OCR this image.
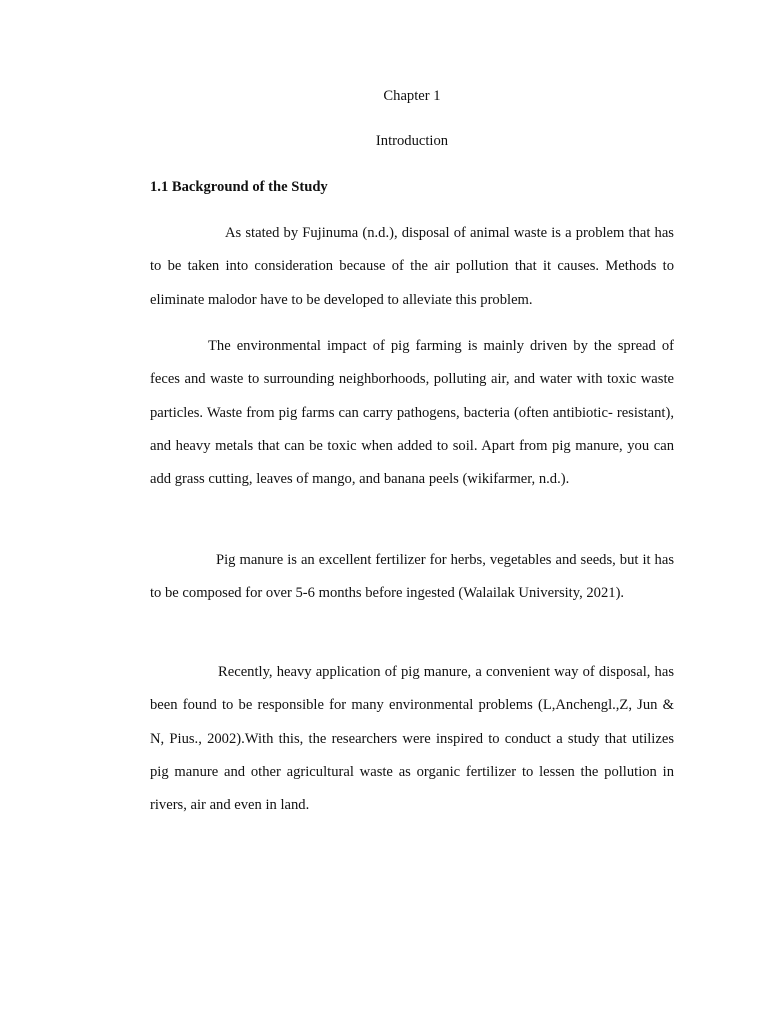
Chapter 1

Introduction

1.1 Background of the Study

As stated by Fujinuma (n.d.), disposal of animal waste is a problem that has to be taken into consideration because of the air pollution that it causes. Methods to eliminate malodor have to be developed to alleviate this problem.

The environmental impact of pig farming is mainly driven by the spread of feces and waste to surrounding neighborhoods, polluting air, and water with toxic waste particles. Waste from pig farms can carry pathogens, bacteria (often antibiotic- resistant), and heavy metals that can be toxic when added to soil. Apart from pig manure, you can add grass cutting, leaves of mango, and banana peels (wikifarmer, n.d.).

Pig manure is an excellent fertilizer for herbs, vegetables and seeds, but it has to be composed for over 5-6 months before ingested (Walailak University, 2021).

Recently, heavy application of pig manure, a convenient way of disposal, has been found to be responsible for many environmental problems (L,Anchengl.,Z, Jun & N, Pius., 2002).With this, the researchers were inspired to conduct a study that utilizes pig manure and other agricultural waste as organic fertilizer to lessen the pollution in rivers, air and even in land.
